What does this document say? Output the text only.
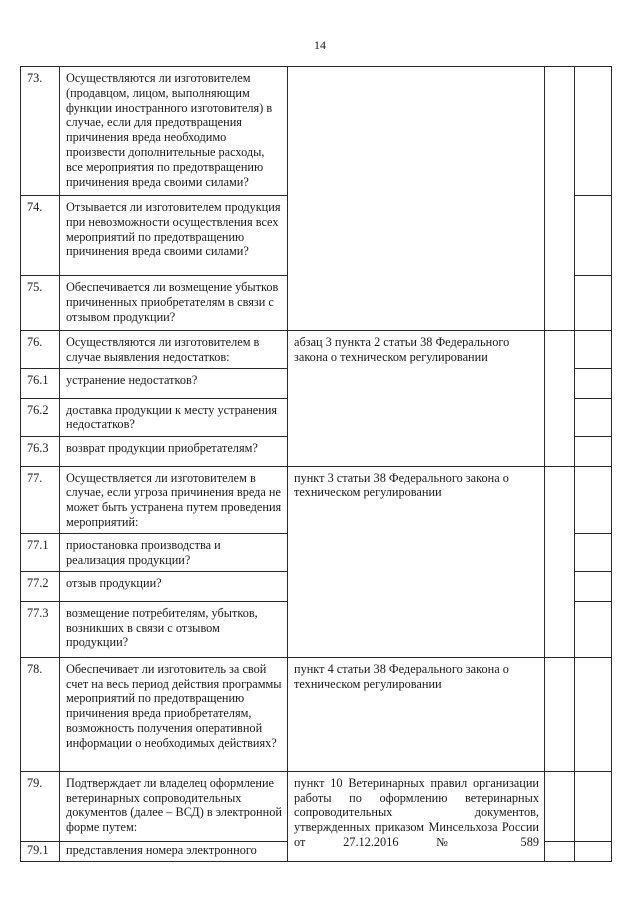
14
73.	Осуществляются ли изготовителем (продавцом, лицом, выполняющим функции иностранного изготовителя) в случае, если для предотвращения причинения вреда необходимо произвести дополнительные расходы, все мероприятия по предотвращению причинения вреда своими силами?			
74.	Отзывается ли изготовителем продукция при невозможности осуществления всех мероприятий по предотвращению причинения вреда своими силами?			
75.	Обеспечивается ли возмещение убытков причиненных приобретателям в связи с отзывом продукции?			
76.	Осуществляются ли изготовителем в случае выявления недостатков:	абзац 3 пункта 2 статьи 38 Федерального закона о техническом регулировании		
76.1	устранение недостатков?			
76.2	доставка продукции к месту устранения недостатков?			
76.3	возврат продукции приобретателям?			
77.	Осуществляется ли изготовителем в случае, если угроза причинения вреда не может быть устранена путем проведения мероприятий:	пункт 3 статьи 38 Федерального закона о техническом регулировании		
77.1	приостановка производства и реализация продукции?			
77.2	отзыв продукции?			
77.3	возмещение потребителям, убытков, возникших в связи с отзывом продукции?			
78.	Обеспечивает ли изготовитель за свой счет на весь период действия программы мероприятий по предотвращению причинения вреда приобретателям, возможность получения оперативной информации о необходимых действиях?	пункт 4 статьи 38 Федерального закона о техническом регулировании		
79.	Подтверждает ли владелец оформление ветеринарных сопроводительных документов (далее – ВСД) в электронной форме путем:	пункт 10 Ветеринарных правил организации работы по оформлению ветеринарных сопроводительных документов, утвержденных приказом Минсельхоза России от 27.12.2016 № 589		
79.1	представления номера электронного			
